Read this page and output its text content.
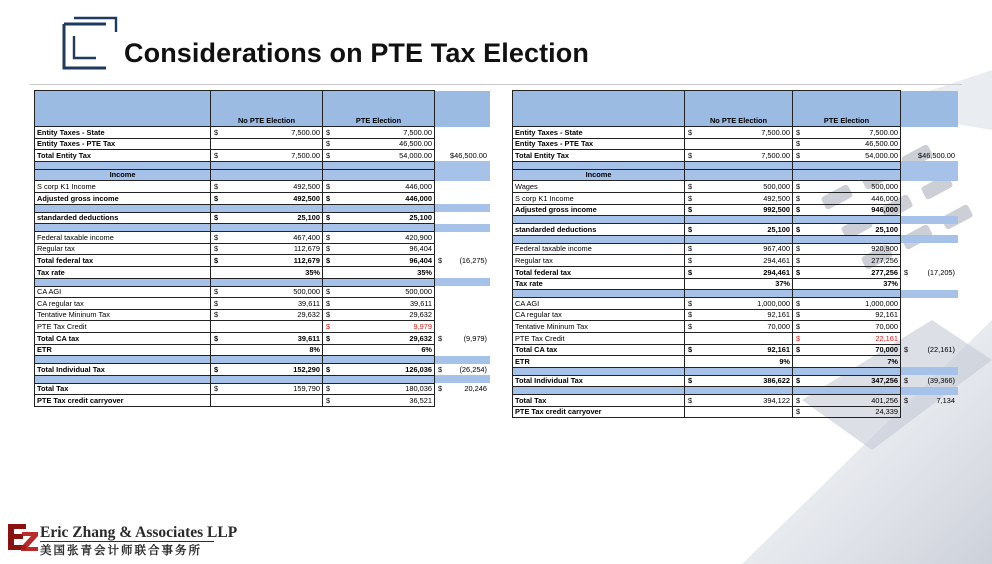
Considerations on PTE Tax Election
	No PTE Election	PTE Election	
Entity Taxes - State	$ 7,500.00	$ 7,500.00	
Entity Taxes - PTE Tax		$ 46,500.00	
Total Entity Tax	$ 7,500.00	$ 54,000.00	$46,500.00

Income			
S corp K1 Income	$ 492,500	$ 446,000	
Adjusted gross income	$ 492,500	$ 446,000	

standarded deductions	$ 25,100	$ 25,100	

Federal taxable income	$ 467,400	$ 420,900	
Regular tax	$ 112,679	$ 96,404	
Total federal tax	$ 112,679	$ 96,404	$ (16,275)
Tax rate	35%	35%	

CA AGI	$ 500,000	$ 500,000	
CA regular tax	$ 39,611	$ 39,611	
Tentative Mininum Tax	$ 29,632	$ 29,632	
PTE Tax Credit		$ 9,979	
Total CA tax	$ 39,611	$ 29,632	$ (9,979)
ETR	8%	6%	

Total Individual Tax	$ 152,290	$ 126,036	$ (26,254)

Total Tax	$ 159,790	$ 180,036	$ 20,246
PTE Tax credit carryover		$ 36,521	
	No PTE Election	PTE Election	
Entity Taxes - State	$ 7,500.00	$ 7,500.00	
Entity Taxes - PTE Tax		$ 46,500.00	
Total Entity Tax	$ 7,500.00	$ 54,000.00	$46,500.00

Income			
Wages	$ 500,000	$ 500,000	
S corp K1 Income	$ 492,500	$ 446,000	
Adjusted gross income	$ 992,500	$ 946,000	

standarded deductions	$ 25,100	$ 25,100	

Federal taxable income	$ 967,400	$ 920,900	
Regular tax	$ 294,461	$ 277,256	
Total federal tax	$ 294,461	$ 277,256	$ (17,205)
Tax rate	37%	37%	

CA AGI	$ 1,000,000	$ 1,000,000	
CA regular tax	$ 92,161	$ 92,161	
Tentative Mininum Tax	$ 70,000	$ 70,000	
PTE Tax Credit		$ 22,161	
Total CA tax	$ 92,161	$ 70,000	$ (22,161)
ETR	9%	7%	

Total Individual Tax	$ 386,622	$ 347,256	$ (39,366)

Total Tax	$ 394,122	$ 401,256	$ 7,134
PTE Tax credit carryover		$ 24,339	
Eric Zhang & Associates LLP
美国张青会计师联合事务所
